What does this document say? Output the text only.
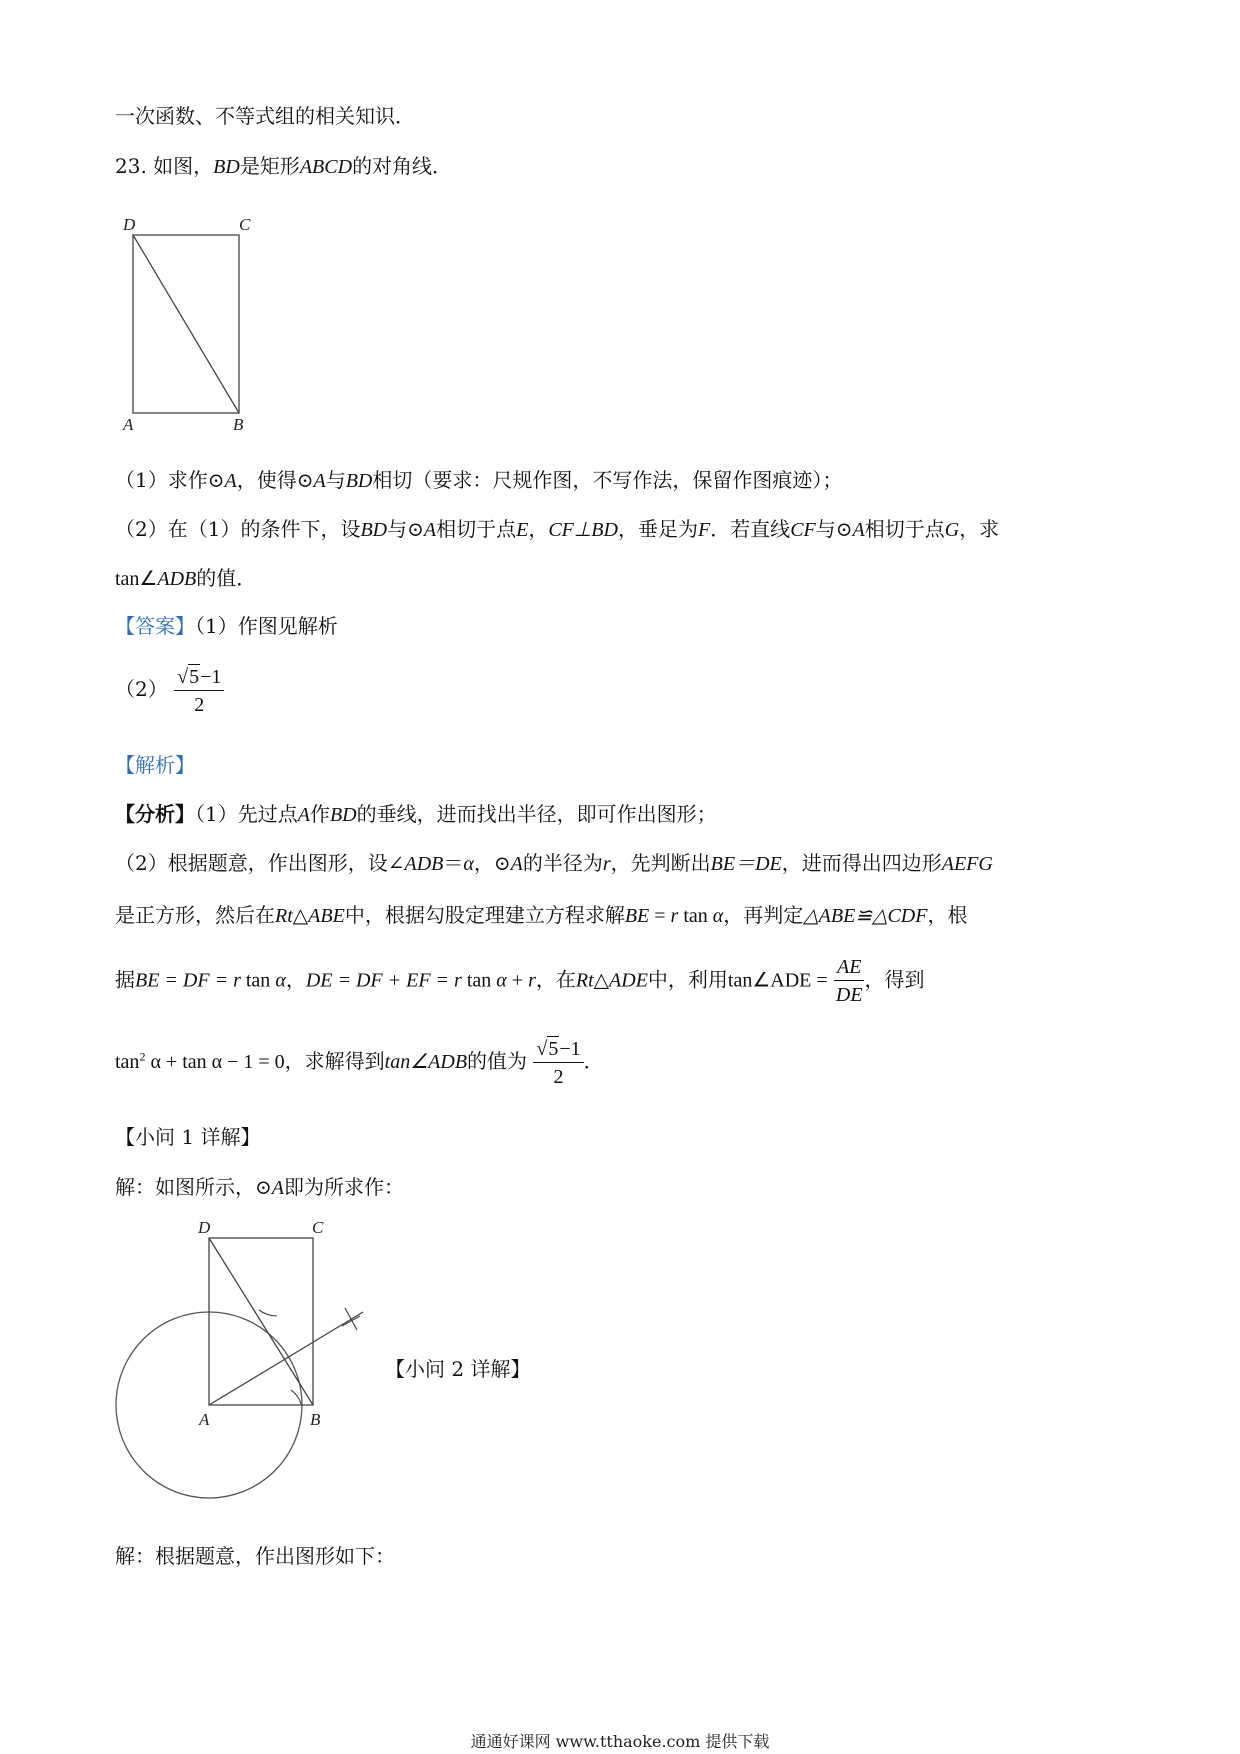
一次函数、不等式组的相关知识．
23. 如图，BD是矩形ABCD的对角线．
D	C
A	B
（1）求作⊙A，使得⊙A与BD相切（要求：尺规作图，不写作法，保留作图痕迹）；
（2）在（1）的条件下，设BD与⊙A相切于点E，CF⊥BD，垂足为F．若直线CF与⊙A相切于点G，求
tan∠ADB的值．
【答案】（1）作图见解析
$(2) \frac{√5-1}{2}$
【解析】
【分析】（1）先过点A作BD的垂线，进而找出半径，即可作出图形；
（2）根据题意，作出图形，设∠ADB＝α，⊙A的半径为r，先判断出BE＝DE，进而得出四边形AEFG
是正方形，然后在Rt△ABE中，根据勾股定理建立方程求解BE = r tan α，再判定△ABE≌△CDF，根
据BE = DF = r tan α，DE = DF + EF = r tan α + r，在Rt△ADE中，利用tan∠ADE = $\frac{AE}{DE}$ ，得到
$\tan^2 \alpha + \tan \alpha - 1 = 0$，求解得到tan∠ADB的值为 $\frac{√5-1}{2}$ ．
【小问 1 详解】
解：如图所示，⊙A即为所求作：
D	C
A	B
【小问 2 详解】
解：根据题意，作出图形如下：
通通好课网 www.tthaoke.com 提供下载
